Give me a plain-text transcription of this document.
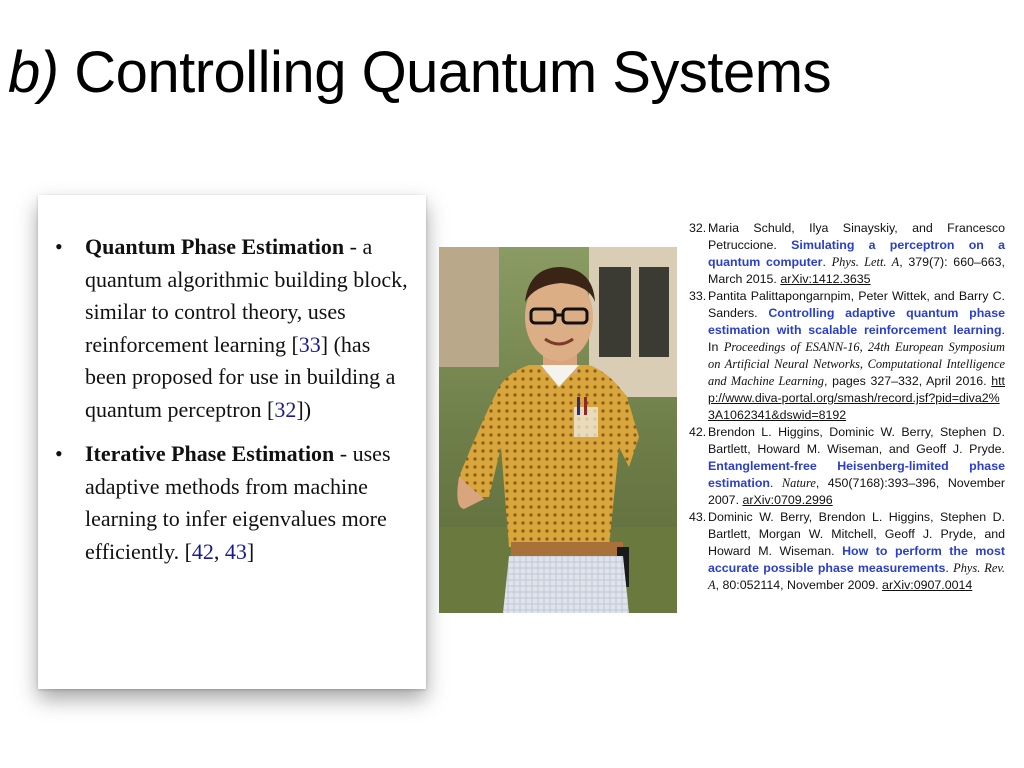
b) Controlling Quantum Systems
• Quantum Phase Estimation - a quantum algorithmic building block, similar to control theory, uses reinforcement learning [33] (has been proposed for use in building a quantum perceptron [32])
• Iterative Phase Estimation - uses adaptive methods from machine learning to infer eigenvalues more efficiently. [42, 43]
32. Maria Schuld, Ilya Sinayskiy, and Francesco Petruccione. Simulating a perceptron on a quantum computer. Phys. Lett. A, 379(7): 660–663, March 2015. arXiv:1412.3635
33. Pantita Palittapongarnpim, Peter Wittek, and Barry C. Sanders. Controlling adaptive quantum phase estimation with scalable reinforcement learning. In Proceedings of ESANN-16, 24th European Symposium on Artificial Neural Networks, Computational Intelligence and Machine Learning, pages 327–332, April 2016. http://www.diva-portal.org/smash/record.jsf?pid=diva2%3A1062341&dswid=8192
42. Brendon L. Higgins, Dominic W. Berry, Stephen D. Bartlett, Howard M. Wiseman, and Geoff J. Pryde. Entanglement-free Heisenberg-limited phase estimation. Nature, 450(7168):393–396, November 2007. arXiv:0709.2996
43. Dominic W. Berry, Brendon L. Higgins, Stephen D. Bartlett, Morgan W. Mitchell, Geoff J. Pryde, and Howard M. Wiseman. How to perform the most accurate possible phase measurements. Phys. Rev. A, 80:052114, November 2009. arXiv:0907.0014
